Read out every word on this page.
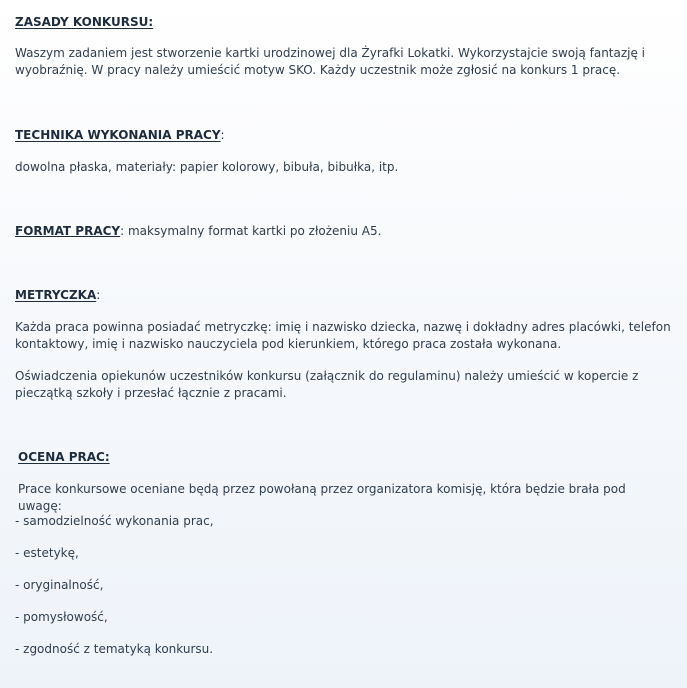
ZASADY KONKURSU:

Waszym zadaniem jest stworzenie kartki urodzinowej dla Żyrafki Lokatki. Wykorzystajcie swoją fantazję i wyobraźnię. W pracy należy umieścić motyw SKO. Każdy uczestnik może zgłosić na konkurs 1 pracę.

TECHNIKA WYKONANIA PRACY:

dowolna płaska, materiały: papier kolorowy, bibuła, bibułka, itp.

FORMAT PRACY: maksymalny format kartki po złożeniu A5.

METRYCZKA:

Każda praca powinna posiadać metryczkę: imię i nazwisko dziecka, nazwę i dokładny adres placówki, telefon kontaktowy, imię i nazwisko nauczyciela pod kierunkiem, którego praca została wykonana.

Oświadczenia opiekunów uczestników konkursu (załącznik do regulaminu) należy umieścić w kopercie z pieczątką szkoły i przesłać łącznie z pracami.

OCENA PRAC:

Prace konkursowe oceniane będą przez powołaną przez organizatora komisję, która będzie brała pod uwagę:

- samodzielność wykonania prac,

- estetykę,

- oryginalność,

- pomysłowość,

- zgodność z tematyką konkursu.
